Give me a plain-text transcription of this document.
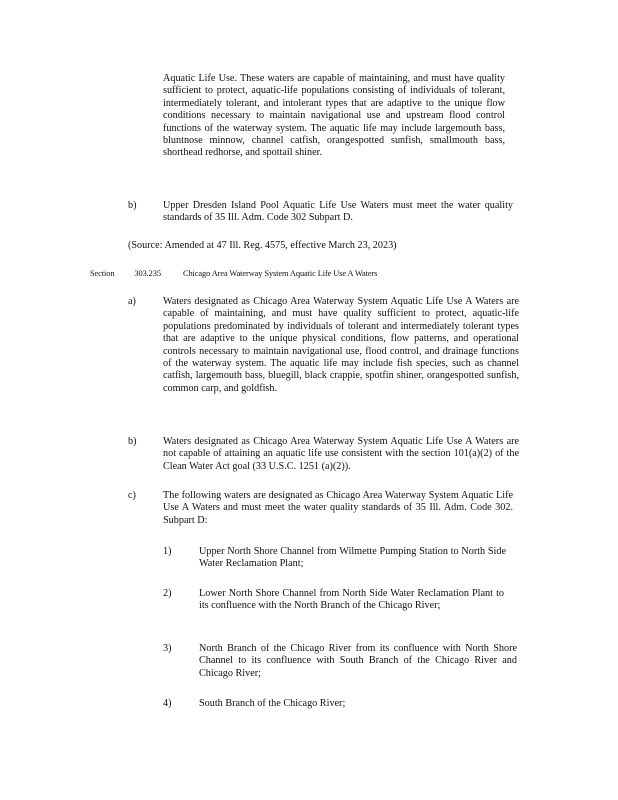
Aquatic Life Use. These waters are capable of maintaining, and must have quality sufficient to protect, aquatic-life populations consisting of individuals of tolerant, intermediately tolerant, and intolerant types that are adaptive to the unique flow conditions necessary to maintain navigational use and upstream flood control functions of the waterway system. The aquatic life may include largemouth bass, bluntnose minnow, channel catfish, orangespotted sunfish, smallmouth bass, shorthead redhorse, and spottail shiner.

b)	Upper Dresden Island Pool Aquatic Life Use Waters must meet the water quality standards of 35 Ill. Adm. Code 302 Subpart D.

(Source: Amended at 47 Ill. Reg. 4575, effective March 23, 2023)

Section 303.235	Chicago Area Waterway System Aquatic Life Use A Waters

a)	Waters designated as Chicago Area Waterway System Aquatic Life Use A Waters are capable of maintaining, and must have quality sufficient to protect, aquatic-life populations predominated by individuals of tolerant and intermediately tolerant types that are adaptive to the unique physical conditions, flow patterns, and operational controls necessary to maintain navigational use, flood control, and drainage functions of the waterway system. The aquatic life may include fish species, such as channel catfish, largemouth bass, bluegill, black crappie, spotfin shiner, orangespotted sunfish, common carp, and goldfish.

b)	Waters designated as Chicago Area Waterway System Aquatic Life Use A Waters are not capable of attaining an aquatic life use consistent with the section 101(a)(2) of the Clean Water Act goal (33 U.S.C. 1251 (a)(2)).

c)	The following waters are designated as Chicago Area Waterway System Aquatic Life Use A Waters and must meet the water quality standards of 35 Ill. Adm. Code 302. Subpart D:

1)	Upper North Shore Channel from Wilmette Pumping Station to North Side Water Reclamation Plant;

2)	Lower North Shore Channel from North Side Water Reclamation Plant to its confluence with the North Branch of the Chicago River;

3)	North Branch of the Chicago River from its confluence with North Shore Channel to its confluence with South Branch of the Chicago River and Chicago River;

4)	South Branch of the Chicago River;
